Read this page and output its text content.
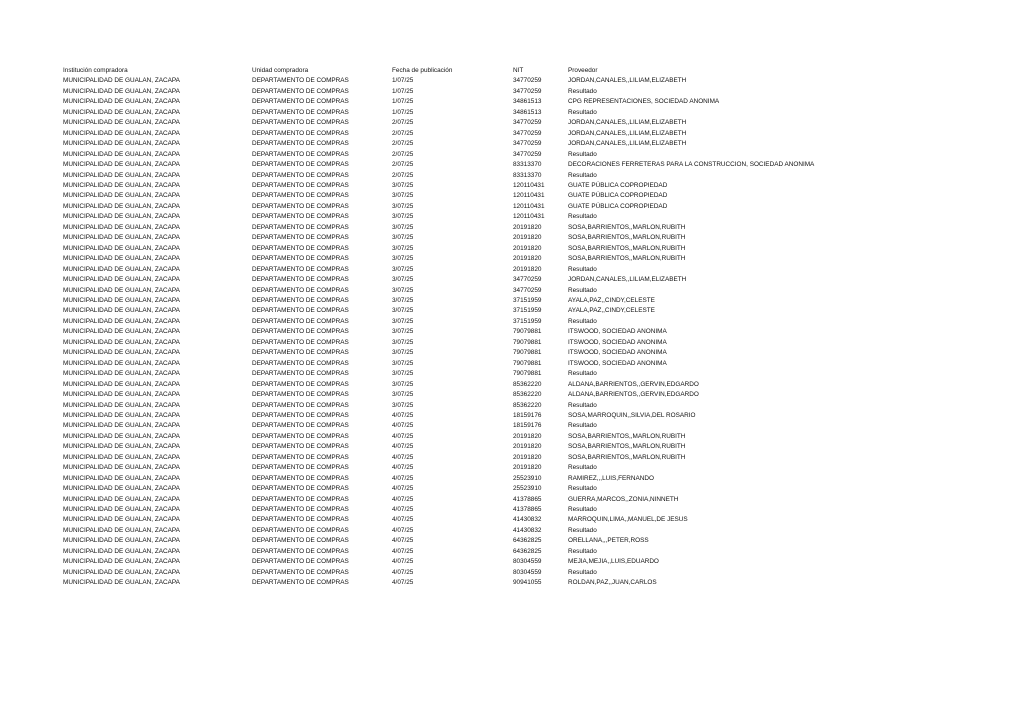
Institución compradora	Unidad compradora	Fecha de publicación	NIT	Proveedor
MUNICIPALIDAD DE GUALAN, ZACAPA	DEPARTAMENTO DE COMPRAS	1/07/25	34770259	JORDAN,CANALES,,LILIAM,ELIZABETH
MUNICIPALIDAD DE GUALAN, ZACAPA	DEPARTAMENTO DE COMPRAS	1/07/25	34770259	Resultado
MUNICIPALIDAD DE GUALAN, ZACAPA	DEPARTAMENTO DE COMPRAS	1/07/25	34861513	CPG REPRESENTACIONES, SOCIEDAD ANONIMA
MUNICIPALIDAD DE GUALAN, ZACAPA	DEPARTAMENTO DE COMPRAS	1/07/25	34861513	Resultado
MUNICIPALIDAD DE GUALAN, ZACAPA	DEPARTAMENTO DE COMPRAS	2/07/25	34770259	JORDAN,CANALES,,LILIAM,ELIZABETH
MUNICIPALIDAD DE GUALAN, ZACAPA	DEPARTAMENTO DE COMPRAS	2/07/25	34770259	JORDAN,CANALES,,LILIAM,ELIZABETH
MUNICIPALIDAD DE GUALAN, ZACAPA	DEPARTAMENTO DE COMPRAS	2/07/25	34770259	JORDAN,CANALES,,LILIAM,ELIZABETH
MUNICIPALIDAD DE GUALAN, ZACAPA	DEPARTAMENTO DE COMPRAS	2/07/25	34770259	Resultado
MUNICIPALIDAD DE GUALAN, ZACAPA	DEPARTAMENTO DE COMPRAS	2/07/25	83313370	DECORACIONES FERRETERAS PARA LA CONSTRUCCION, SOCIEDAD ANONIMA
MUNICIPALIDAD DE GUALAN, ZACAPA	DEPARTAMENTO DE COMPRAS	2/07/25	83313370	Resultado
MUNICIPALIDAD DE GUALAN, ZACAPA	DEPARTAMENTO DE COMPRAS	3/07/25	120110431	GUATE PÚBLICA COPROPIEDAD
MUNICIPALIDAD DE GUALAN, ZACAPA	DEPARTAMENTO DE COMPRAS	3/07/25	120110431	GUATE PÚBLICA COPROPIEDAD
MUNICIPALIDAD DE GUALAN, ZACAPA	DEPARTAMENTO DE COMPRAS	3/07/25	120110431	GUATE PÚBLICA COPROPIEDAD
MUNICIPALIDAD DE GUALAN, ZACAPA	DEPARTAMENTO DE COMPRAS	3/07/25	120110431	Resultado
MUNICIPALIDAD DE GUALAN, ZACAPA	DEPARTAMENTO DE COMPRAS	3/07/25	20191820	SOSA,BARRIENTOS,,MARLON,RUBITH
MUNICIPALIDAD DE GUALAN, ZACAPA	DEPARTAMENTO DE COMPRAS	3/07/25	20191820	SOSA,BARRIENTOS,,MARLON,RUBITH
MUNICIPALIDAD DE GUALAN, ZACAPA	DEPARTAMENTO DE COMPRAS	3/07/25	20191820	SOSA,BARRIENTOS,,MARLON,RUBITH
MUNICIPALIDAD DE GUALAN, ZACAPA	DEPARTAMENTO DE COMPRAS	3/07/25	20191820	SOSA,BARRIENTOS,,MARLON,RUBITH
MUNICIPALIDAD DE GUALAN, ZACAPA	DEPARTAMENTO DE COMPRAS	3/07/25	20191820	Resultado
MUNICIPALIDAD DE GUALAN, ZACAPA	DEPARTAMENTO DE COMPRAS	3/07/25	34770259	JORDAN,CANALES,,LILIAM,ELIZABETH
MUNICIPALIDAD DE GUALAN, ZACAPA	DEPARTAMENTO DE COMPRAS	3/07/25	34770259	Resultado
MUNICIPALIDAD DE GUALAN, ZACAPA	DEPARTAMENTO DE COMPRAS	3/07/25	37151959	AYALA,PAZ,,CINDY,CELESTE
MUNICIPALIDAD DE GUALAN, ZACAPA	DEPARTAMENTO DE COMPRAS	3/07/25	37151959	AYALA,PAZ,,CINDY,CELESTE
MUNICIPALIDAD DE GUALAN, ZACAPA	DEPARTAMENTO DE COMPRAS	3/07/25	37151959	Resultado
MUNICIPALIDAD DE GUALAN, ZACAPA	DEPARTAMENTO DE COMPRAS	3/07/25	79079881	ITSWOOD, SOCIEDAD ANONIMA
MUNICIPALIDAD DE GUALAN, ZACAPA	DEPARTAMENTO DE COMPRAS	3/07/25	79079881	ITSWOOD, SOCIEDAD ANONIMA
MUNICIPALIDAD DE GUALAN, ZACAPA	DEPARTAMENTO DE COMPRAS	3/07/25	79079881	ITSWOOD, SOCIEDAD ANONIMA
MUNICIPALIDAD DE GUALAN, ZACAPA	DEPARTAMENTO DE COMPRAS	3/07/25	79079881	ITSWOOD, SOCIEDAD ANONIMA
MUNICIPALIDAD DE GUALAN, ZACAPA	DEPARTAMENTO DE COMPRAS	3/07/25	79079881	Resultado
MUNICIPALIDAD DE GUALAN, ZACAPA	DEPARTAMENTO DE COMPRAS	3/07/25	85362220	ALDANA,BARRIENTOS,,GERVIN,EDGARDO
MUNICIPALIDAD DE GUALAN, ZACAPA	DEPARTAMENTO DE COMPRAS	3/07/25	85362220	ALDANA,BARRIENTOS,,GERVIN,EDGARDO
MUNICIPALIDAD DE GUALAN, ZACAPA	DEPARTAMENTO DE COMPRAS	3/07/25	85362220	Resultado
MUNICIPALIDAD DE GUALAN, ZACAPA	DEPARTAMENTO DE COMPRAS	4/07/25	18159176	SOSA,MARROQUIN,,SILVIA,DEL ROSARIO
MUNICIPALIDAD DE GUALAN, ZACAPA	DEPARTAMENTO DE COMPRAS	4/07/25	18159176	Resultado
MUNICIPALIDAD DE GUALAN, ZACAPA	DEPARTAMENTO DE COMPRAS	4/07/25	20191820	SOSA,BARRIENTOS,,MARLON,RUBITH
MUNICIPALIDAD DE GUALAN, ZACAPA	DEPARTAMENTO DE COMPRAS	4/07/25	20191820	SOSA,BARRIENTOS,,MARLON,RUBITH
MUNICIPALIDAD DE GUALAN, ZACAPA	DEPARTAMENTO DE COMPRAS	4/07/25	20191820	SOSA,BARRIENTOS,,MARLON,RUBITH
MUNICIPALIDAD DE GUALAN, ZACAPA	DEPARTAMENTO DE COMPRAS	4/07/25	20191820	Resultado
MUNICIPALIDAD DE GUALAN, ZACAPA	DEPARTAMENTO DE COMPRAS	4/07/25	25523910	RAMIREZ,,,LUIS,FERNANDO
MUNICIPALIDAD DE GUALAN, ZACAPA	DEPARTAMENTO DE COMPRAS	4/07/25	25523910	Resultado
MUNICIPALIDAD DE GUALAN, ZACAPA	DEPARTAMENTO DE COMPRAS	4/07/25	41378865	GUERRA,MARCOS,,ZONIA,NINNETH
MUNICIPALIDAD DE GUALAN, ZACAPA	DEPARTAMENTO DE COMPRAS	4/07/25	41378865	Resultado
MUNICIPALIDAD DE GUALAN, ZACAPA	DEPARTAMENTO DE COMPRAS	4/07/25	41430832	MARROQUIN,LIMA,,MANUEL,DE JESUS
MUNICIPALIDAD DE GUALAN, ZACAPA	DEPARTAMENTO DE COMPRAS	4/07/25	41430832	Resultado
MUNICIPALIDAD DE GUALAN, ZACAPA	DEPARTAMENTO DE COMPRAS	4/07/25	64362825	ORELLANA,,,PETER,ROSS
MUNICIPALIDAD DE GUALAN, ZACAPA	DEPARTAMENTO DE COMPRAS	4/07/25	64362825	Resultado
MUNICIPALIDAD DE GUALAN, ZACAPA	DEPARTAMENTO DE COMPRAS	4/07/25	80304559	MEJIA,MEJIA,,LUIS,EDUARDO
MUNICIPALIDAD DE GUALAN, ZACAPA	DEPARTAMENTO DE COMPRAS	4/07/25	80304559	Resultado
MUNICIPALIDAD DE GUALAN, ZACAPA	DEPARTAMENTO DE COMPRAS	4/07/25	90941055	ROLDAN,PAZ,,JUAN,CARLOS
